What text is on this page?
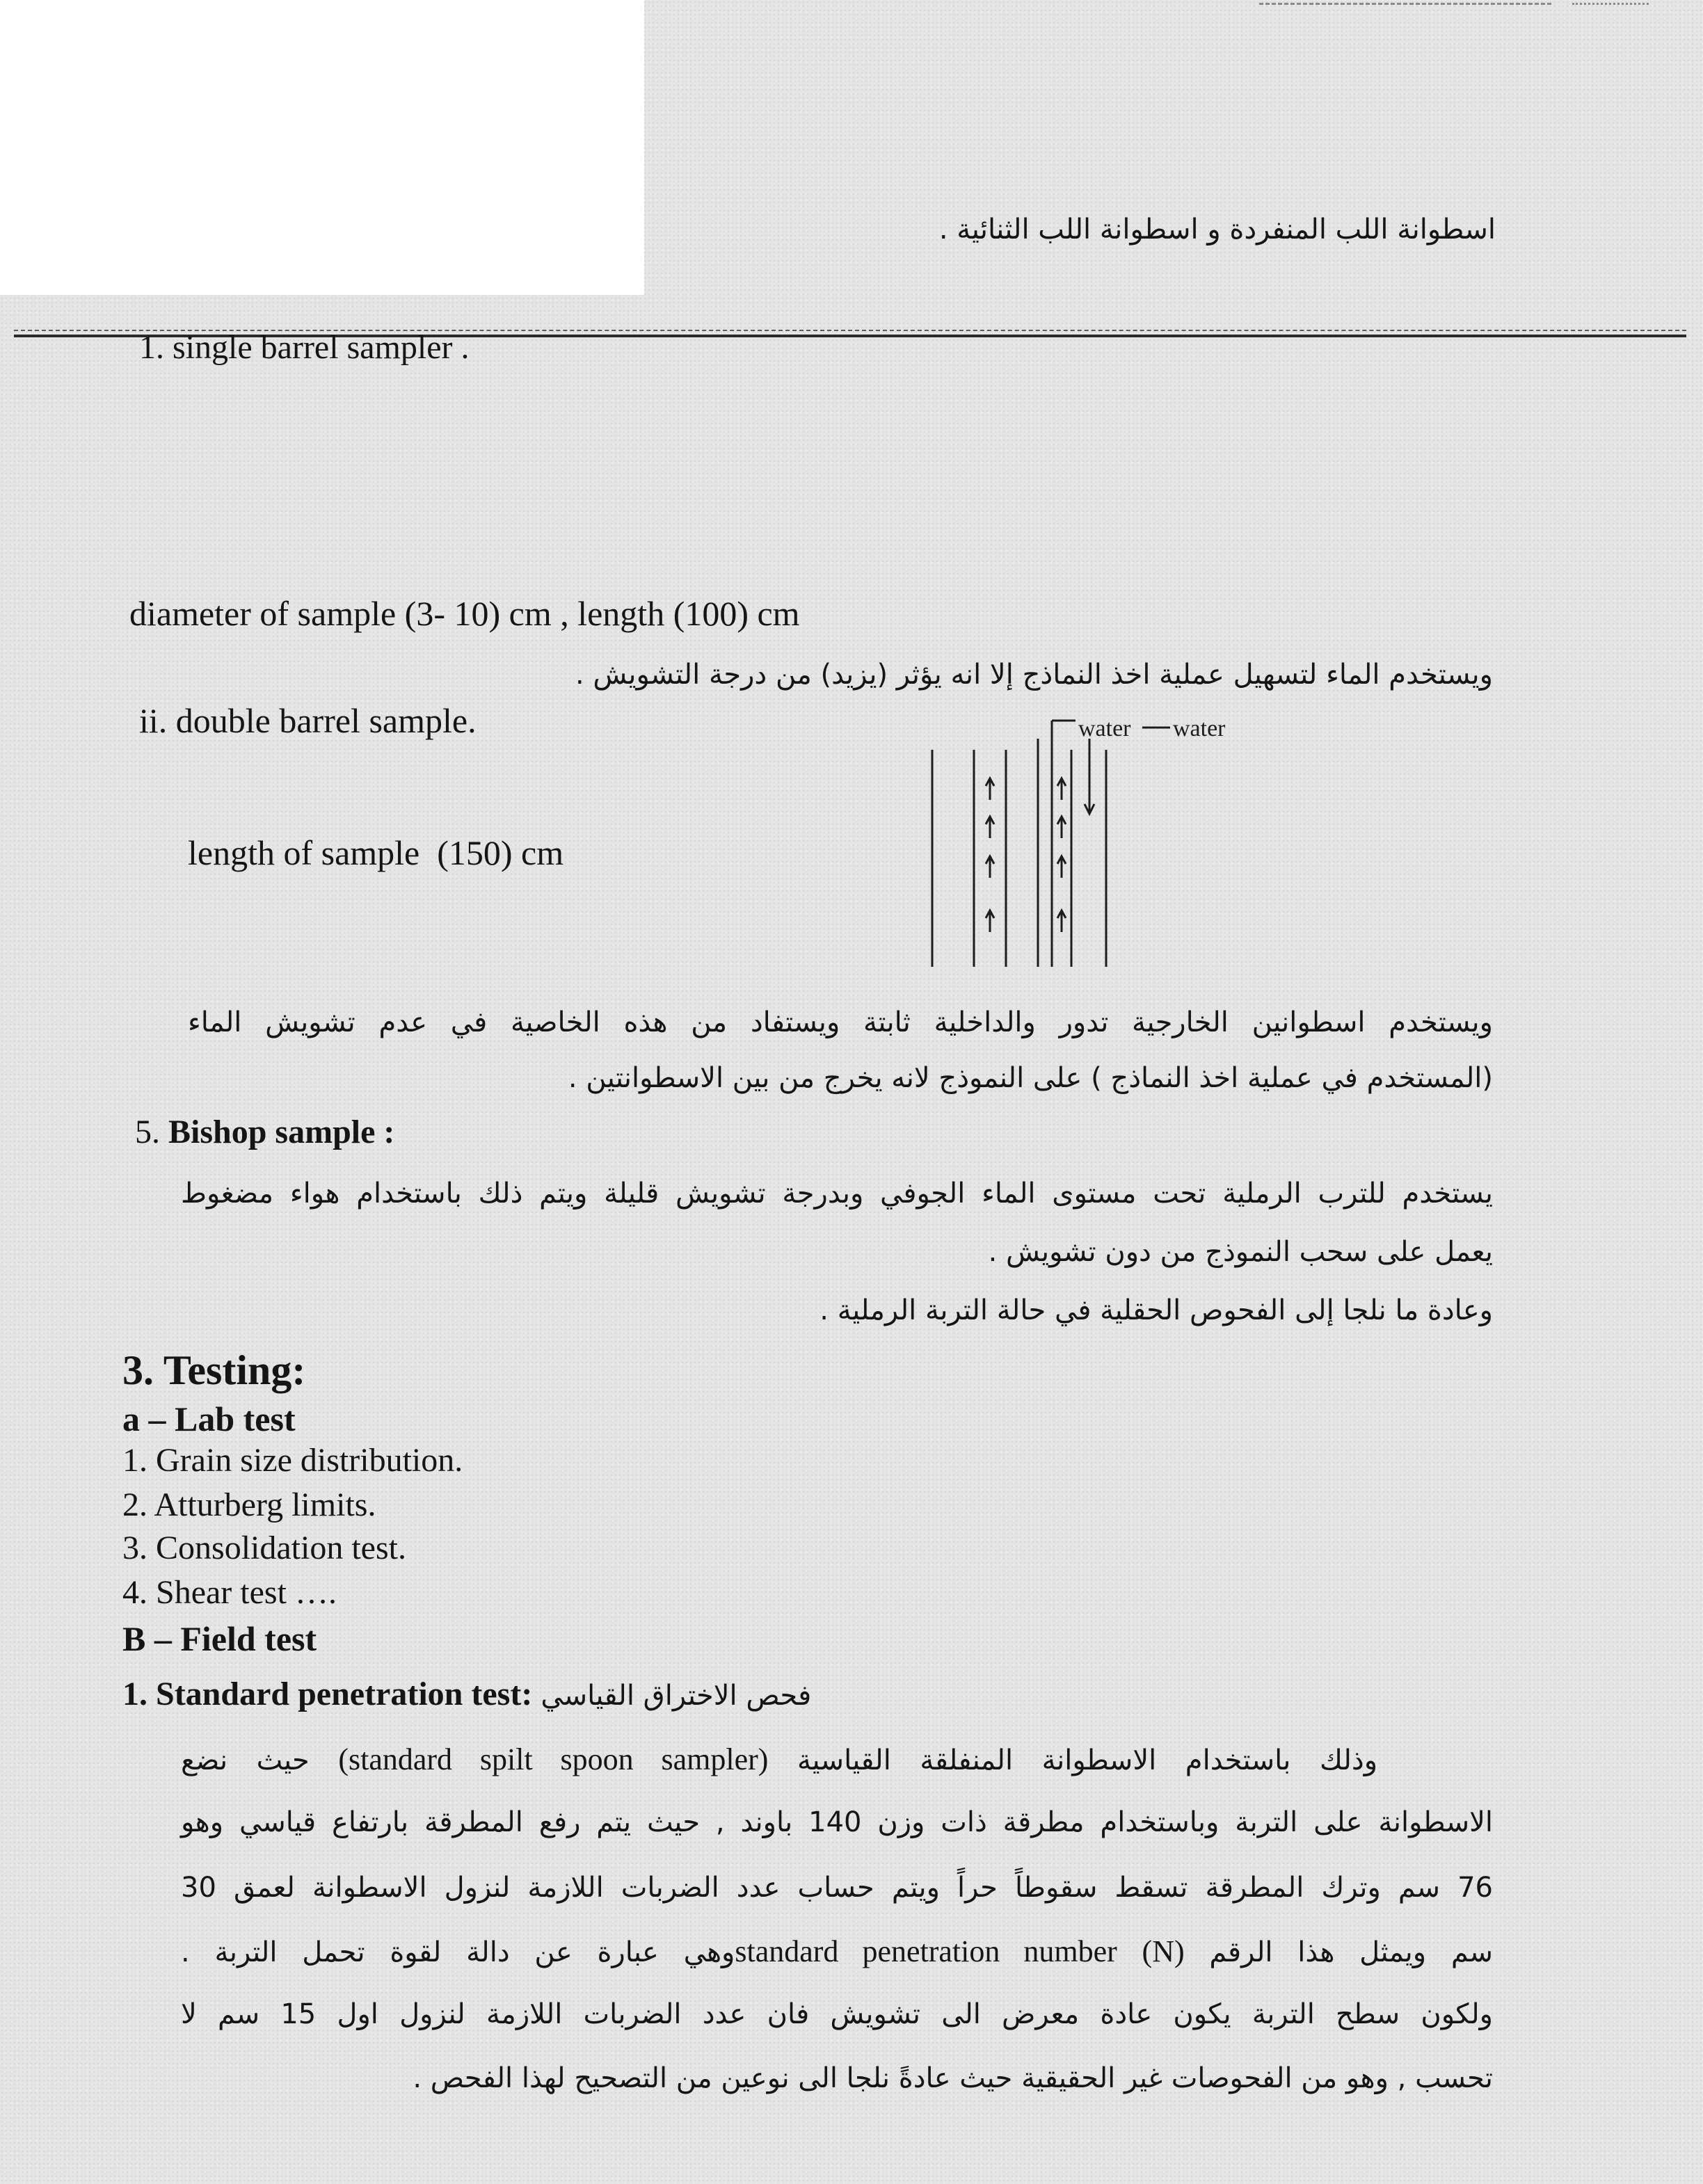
اسطوانة اللب المنفردة و اسطوانة اللب الثنائية .
1. single barrel sampler .
diameter of sample (3- 10) cm , length (100) cm
ويستخدم الماء لتسهيل عملية اخذ النماذج إلا انه يؤثر (يزيد) من درجة التشويش .
ii. double barrel sample.
length of sample  (150) cm
water water
ويستخدم اسطوانين الخارجية تدور والداخلية ثابتة ويستفاد من هذه الخاصية في عدم تشويش الماء
(المستخدم في عملية اخذ النماذج ) على النموذج لانه يخرج من بين الاسطوانتين .
5. Bishop sample :
يستخدم للترب الرملية تحت مستوى الماء الجوفي وبدرجة تشويش قليلة ويتم ذلك باستخدام هواء مضغوط
يعمل على سحب النموذج من دون تشويش .
وعادة ما نلجا إلى الفحوص الحقلية في حالة التربة الرملية .
3. Testing:
a – Lab test
1. Grain size distribution.
2. Atturberg limits.
3. Consolidation test.
4. Shear test ….
B – Field test
1. Standard penetration test: فحص الاختراق القياسي
وذلك باستخدام الاسطوانة المنفلقة القياسية (standard spilt spoon sampler) حيث نضع
الاسطوانة على التربة وباستخدام مطرقة ذات وزن 140 باوند , حيث يتم رفع المطرقة بارتفاع قياسي وهو
76 سم وترك المطرقة تسقط سقوطاً حراً ويتم حساب عدد الضربات اللازمة لنزول الاسطوانة لعمق 30
سم ويمثل هذا الرقم (N) standard penetration numberوهي عبارة عن دالة لقوة تحمل التربة .
ولكون سطح التربة يكون عادة معرض الى تشويش فان عدد الضربات اللازمة لنزول اول 15 سم لا
تحسب , وهو من الفحوصات غير الحقيقية حيث عادةً نلجا الى نوعين من التصحيح لهذا الفحص .
